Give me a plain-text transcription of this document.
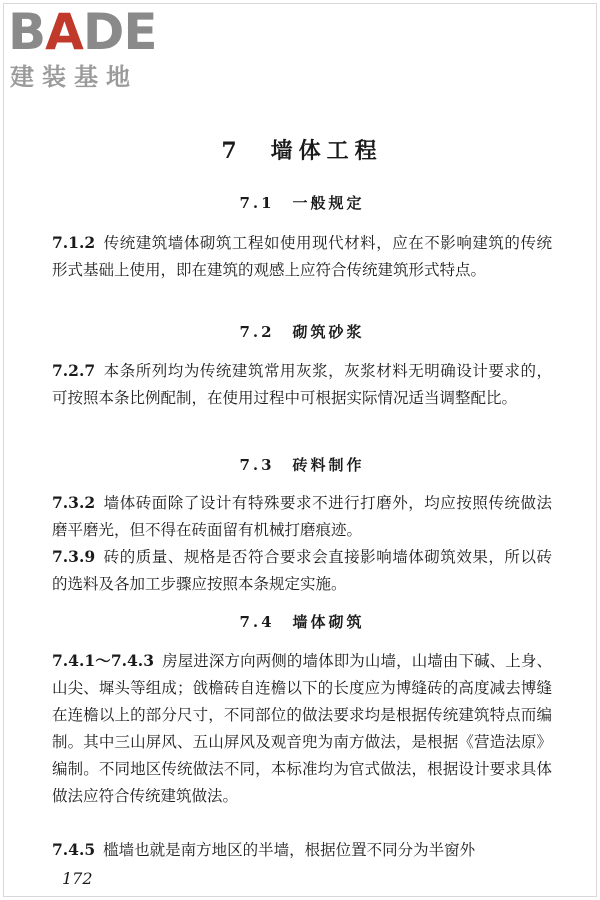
BADE
建装基地
7　墙体工程
7.1　一般规定

7.1.2 传统建筑墙体砌筑工程如使用现代材料，应在不影响建筑的传统形式基础上使用，即在建筑的观感上应符合传统建筑形式特点。

7.2　砌筑砂浆

7.2.7 本条所列均为传统建筑常用灰浆，灰浆材料无明确设计要求的，可按照本条比例配制，在使用过程中可根据实际情况适当调整配比。

7.3　砖料制作

7.3.2 墙体砖面除了设计有特殊要求不进行打磨外，均应按照传统做法磨平磨光，但不得在砖面留有机械打磨痕迹。

7.3.9 砖的质量、规格是否符合要求会直接影响墙体砌筑效果，所以砖的选料及各加工步骤应按照本条规定实施。

7.4　墙体砌筑

7.4.1～7.4.3 房屋进深方向两侧的墙体即为山墙，山墙由下碱、上身、山尖、墀头等组成；戗檐砖自连檐以下的长度应为博缝砖的高度减去博缝在连檐以上的部分尺寸，不同部位的做法要求均是根据传统建筑特点而编制。其中三山屏风、五山屏风及观音兜为南方做法，是根据《营造法原》编制。不同地区传统做法不同，本标准均为官式做法，根据设计要求具体做法应符合传统建筑做法。

7.4.5 槛墙也就是南方地区的半墙，根据位置不同分为半窗外

172
